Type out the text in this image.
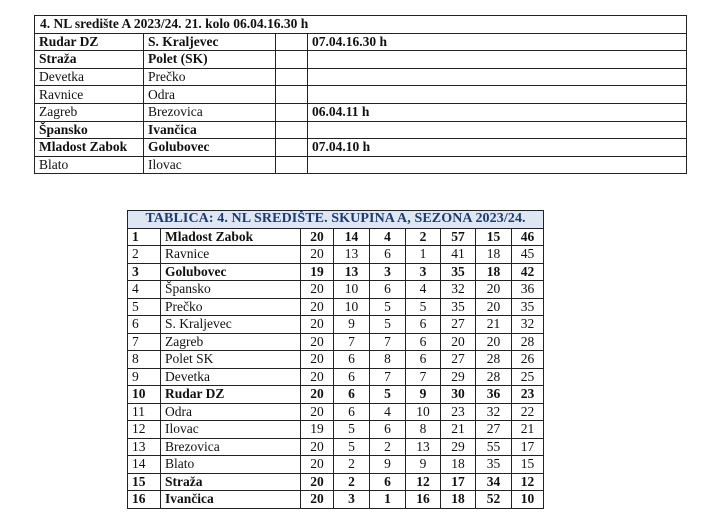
4. NL središte A 2023/24. 21. kolo 06.04.16.30 h			
Rudar DZ	S. Kraljevec		07.04.16.30 h
Straža	Polet (SK)		
Devetka	Prečko		
Ravnice	Odra		
Zagreb	Brezovica		06.04.11 h
Špansko	Ivančica		
Mladost Zabok	Golubovec		07.04.10 h
Blato	Ilovac		
TABLICA: 4. NL SREDIŠTE. SKUPINA A, SEZONA 2023/24.								
1	Mladost Zabok	20	14	4	2	57	15	46
2	Ravnice	20	13	6	1	41	18	45
3	Golubovec	19	13	3	3	35	18	42
4	Špansko	20	10	6	4	32	20	36
5	Prečko	20	10	5	5	35	20	35
6	S. Kraljevec	20	9	5	6	27	21	32
7	Zagreb	20	7	7	6	20	20	28
8	Polet SK	20	6	8	6	27	28	26
9	Devetka	20	6	7	7	29	28	25
10	Rudar DZ	20	6	5	9	30	36	23
11	Odra	20	6	4	10	23	32	22
12	Ilovac	19	5	6	8	21	27	21
13	Brezovica	20	5	2	13	29	55	17
14	Blato	20	2	9	9	18	35	15
15	Straža	20	2	6	12	17	34	12
16	Ivančica	20	3	1	16	18	52	10
